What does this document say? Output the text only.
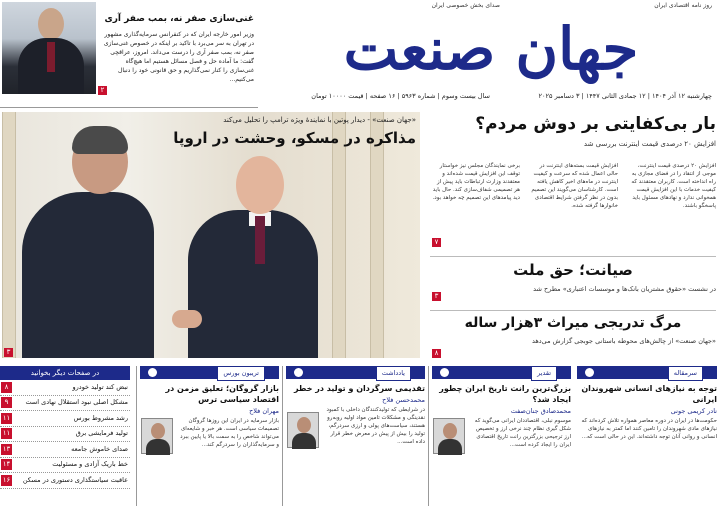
روز نامه اقتصادی ایران
صدای بخش خصوصی ایران
جهان صنعت
چهارشنبه ۱۲ آذر ۱۴۰۴ | ۱۲ جمادی الثانی ۱۴۴۷ | ۳ دسامبر ۲۰۲۵
سال بیست وسوم | شماره ۵۹۶۳ | ۱۶ صفحه | قیمت ۱۰۰۰۰ تومان
غنی‌سازی صفر نه، بمب صفر آری
وزیر امور خارجه ایران که در کنفرانس سرمایه‌گذاری مشهور در تهران به سر می‌برد با تاکید بر اینکه در خصوص غنی‌سازی صفر نه، بمب صفر آری را درست می‌داند. امروز، عراقچی گفت: ما آماده حل و فصل مسائل هستیم اما هیچ‌گاه غنی‌سازی را کنار نمی‌گذاریم و حق قانونی خود را دنبال می‌کنیم...
۲
«جهان صنعت» - دیدار پوتین با نمایندهٔ ویژه ترامپ را تحلیل می‌کند
مذاکره در مسکو، وحشت در اروپا
۳
بار بی‌کفایتی بر دوش مردم؟
افزایش ۲۰ درصدی قیمت اینترنت بررسی شد
افزایش ۲۰ درصدی قیمت اینترنت، موجی از انتقاد را در فضای مجازی به راه انداخته است. کاربران معتقدند که کیفیت خدمات با این افزایش قیمت همخوانی ندارد و نهادهای مسئول باید پاسخگو باشند.
افزایش قیمت بسته‌های اینترنت در حالی اعمال شده که سرعت و کیفیت اینترنت در ماه‌های اخیر کاهش یافته است. کارشناسان می‌گویند این تصمیم بدون در نظر گرفتن شرایط اقتصادی خانوارها گرفته شده.
برخی نمایندگان مجلس نیز خواستار توقف این افزایش قیمت شده‌اند و معتقدند وزارت ارتباطات باید پیش از هر تصمیمی شفاف‌سازی کند. حال باید دید پیامدهای این تصمیم چه خواهد بود.
۷
صیانت؛ حق ملت
در نشست «حقوق مشتریان بانک‌ها و موسسات اعتباری» مطرح شد
۳
مرگ تدریجی میراث ۳هزار ساله
«جهان صنعت» از چالش‌های محوطه باستانی جوبجی گزارش می‌دهد
۸
سرمقاله
توجه به نیازهای انسانی شهروندان ایرانی
نادر کریمی جونی
حکومت‌ها در ایران در دوره معاصر همواره تلاش کرده‌اند که نیازهای مادی شهروندان را تامین کنند اما کمتر به نیازهای انسانی و روانی آنان توجه داشته‌اند. این در حالی است که...
تقدیر
بزرگ‌ترین رانت تاریخ ایران چطور ایجاد شد؟
محمدصادق جنان‌صفت
موسوم نبلی، اقتصاددان ایرانی می‌گوید که شکل گیری نظام چند نرخی ارز و تخصیص ارز ترجیحی بزرگترین رانت تاریخ اقتصادی ایران را ایجاد کرده است...
یادداشت
تقدیمی سرگردان و تولید در خطر
محمدحسن فلاح
در شرایطی که تولیدکنندگان داخلی با کمبود نقدینگی و مشکلات تامین مواد اولیه روبه‌رو هستند، سیاست‌های پولی و ارزی سردرگم، تولید را بیش از پیش در معرض خطر قرار داده است...
تریبون بورس
بازار گروگان؛ تعلیق مزمن در اقتصاد سیاسی ترس
مهران فلاح
بازار سرمایه در ایران این روزها گروگان تصمیمات سیاسی است. هر خبر و شایعه‌ای می‌تواند شاخص را به سمت بالا یا پایین ببرد و سرمایه‌گذاران را سردرگم کند...
در صفحات دیگر بخوانید
نبض کند تولید خودرو
۸
مشکل اصلی نبود استقلال نهادی است
۹
رشد مشروط بورس
۱۱
تولید فرمایشی برق
۱۱
صدای خاموش جامعه
۱۳
خط باریک آزادی و مسئولیت
۱۴
عاقبت سیاستگذاری دستوری در مسکن
۱۶
